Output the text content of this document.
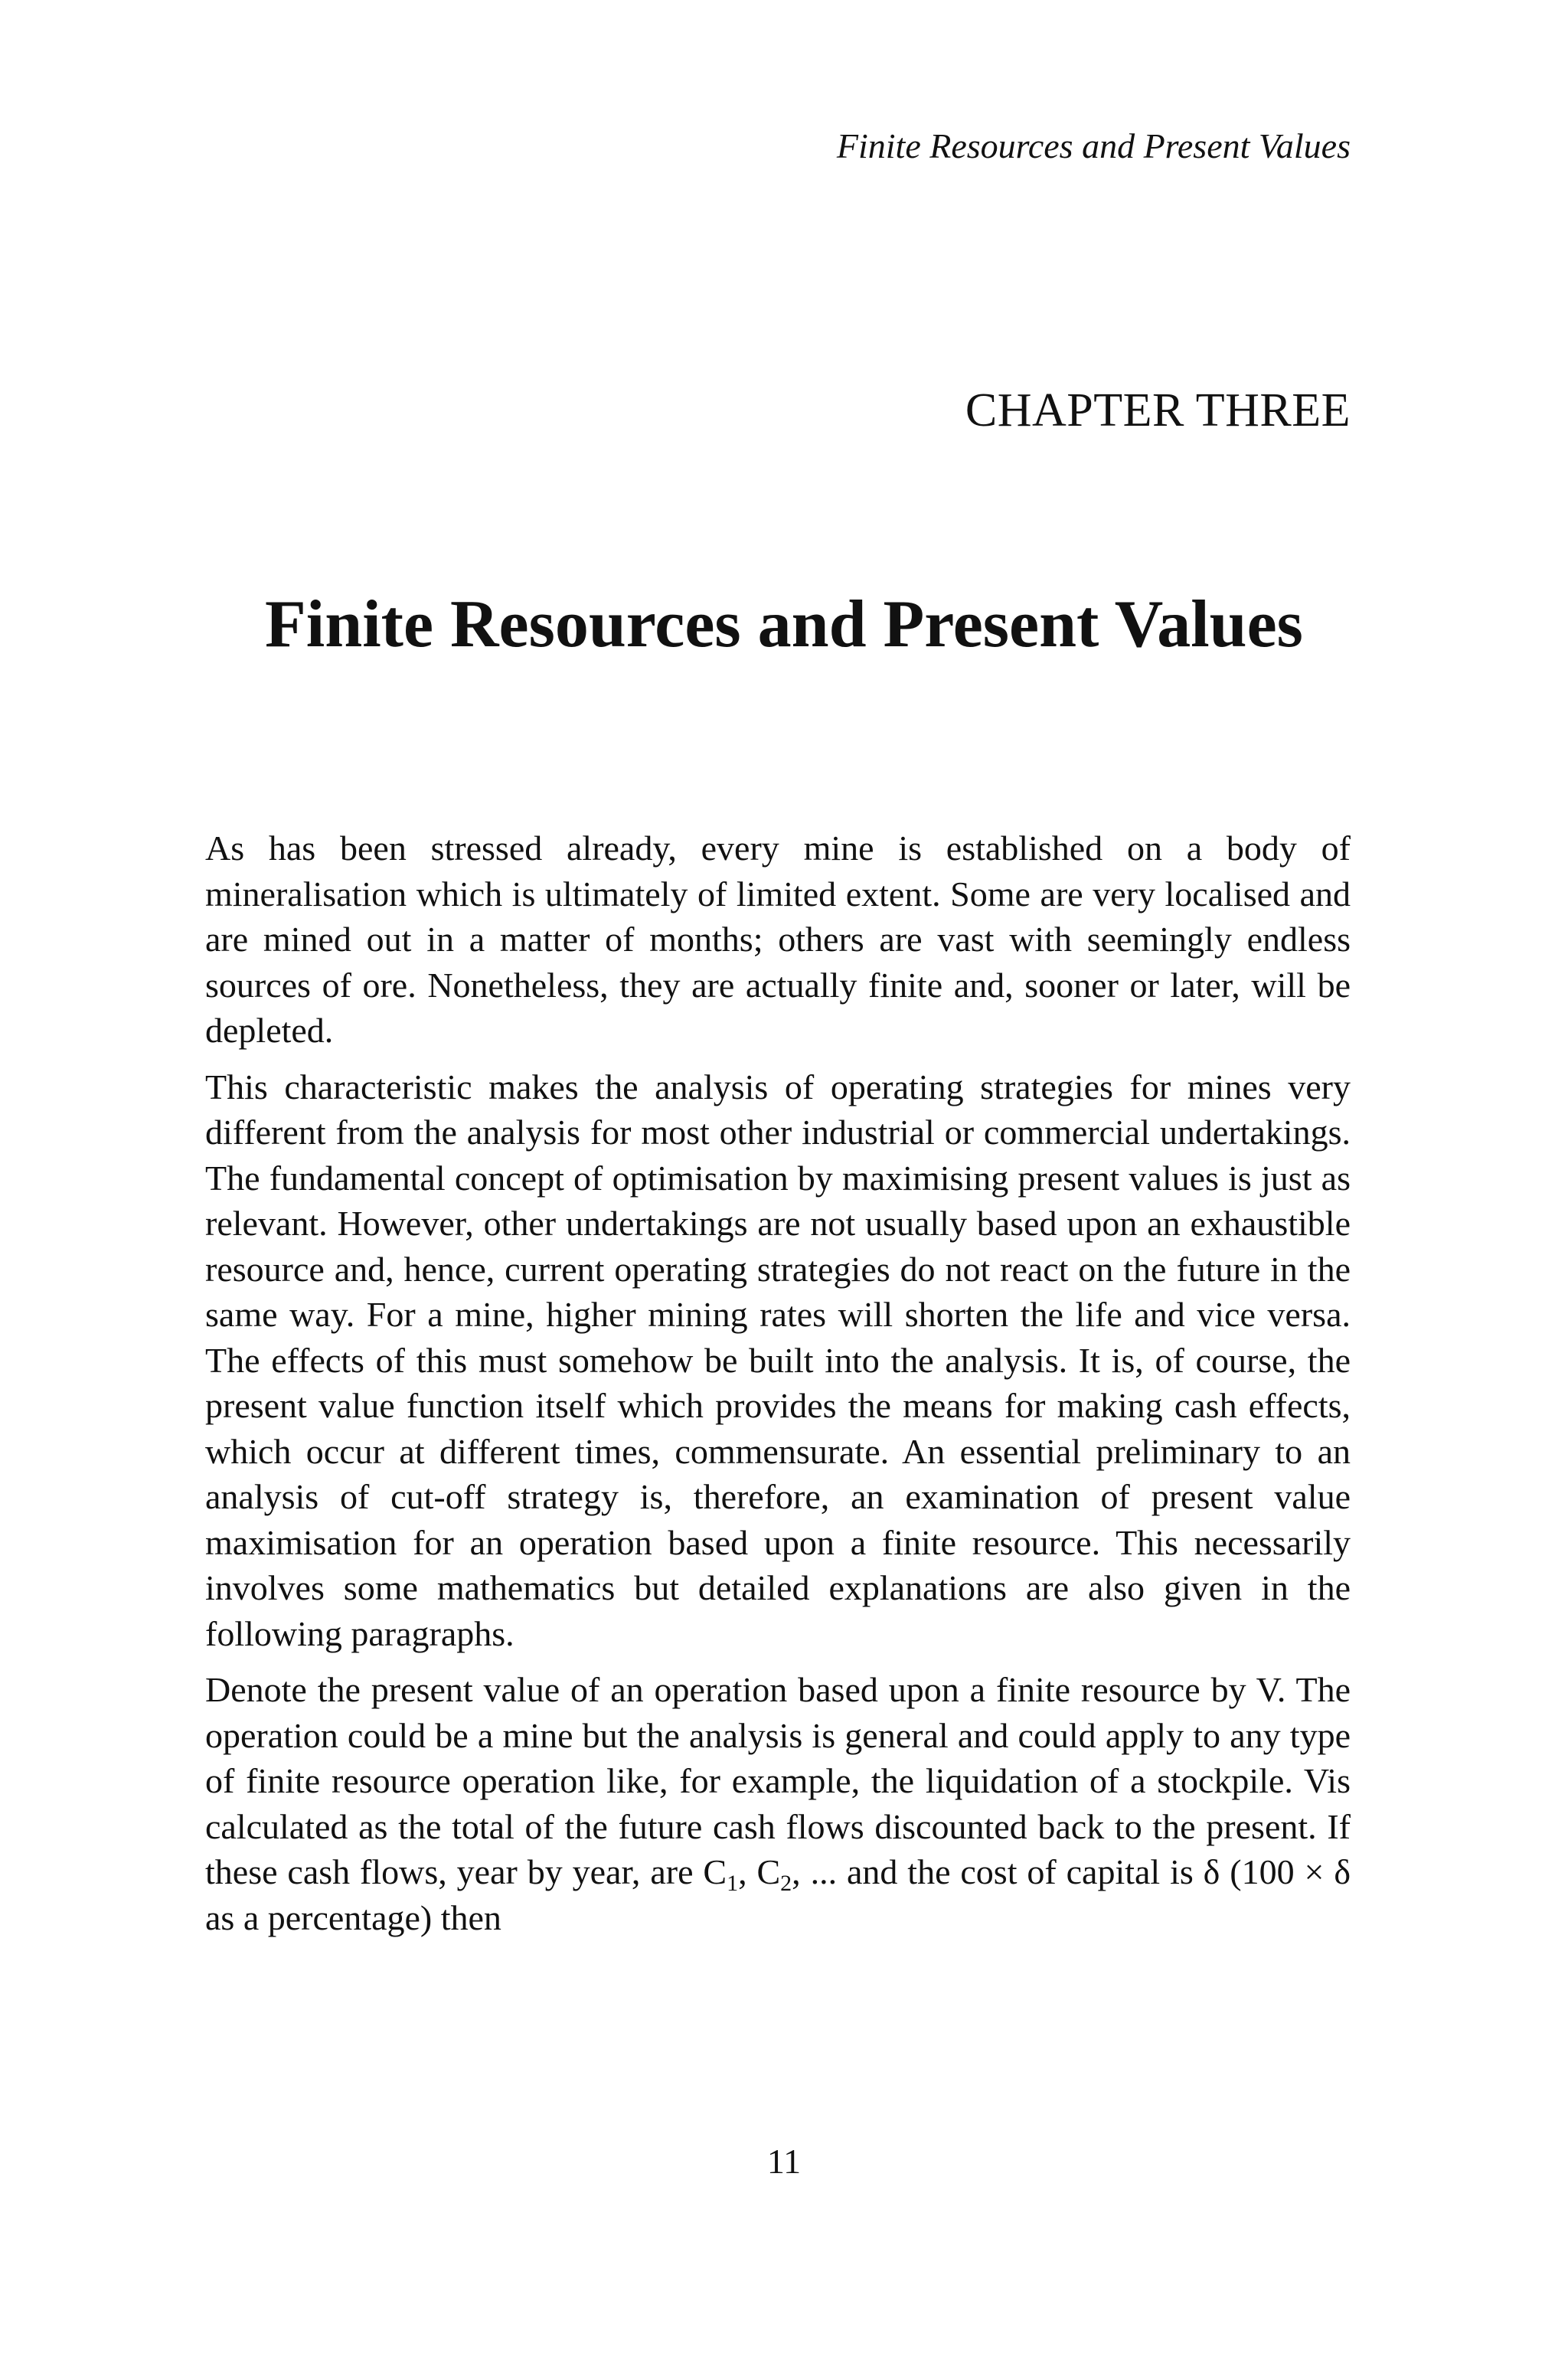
Finite Resources and Present Values
CHAPTER THREE
Finite Resources and Present Values

As has been stressed already, every mine is established on a body of mineralisation which is ultimately of limited extent. Some are very localised and are mined out in a matter of months; others are vast with seemingly endless sources of ore. Nonetheless, they are actually finite and, sooner or later, will be depleted.

This characteristic makes the analysis of operating strategies for mines very different from the analysis for most other industrial or commercial undertakings. The fundamental concept of optimisation by maximising present values is just as relevant. However, other undertakings are not usually based upon an exhaustible resource and, hence, current operating strategies do not react on the future in the same way. For a mine, higher mining rates will shorten the life and vice versa. The effects of this must somehow be built into the analysis. It is, of course, the present value function itself which provides the means for making cash effects, which occur at different times, commensurate. An essential preliminary to an analysis of cut-off strategy is, therefore, an examination of present value maximisation for an operation based upon a finite resource. This necessarily involves some mathematics but detailed explanations are also given in the following paragraphs.

Denote the present value of an operation based upon a finite resource by V. The operation could be a mine but the analysis is general and could apply to any type of finite resource operation like, for example, the liquidation of a stockpile. Vis calculated as the total of the future cash flows discounted back to the present. If these cash flows, year by year, are $C_1$, $C_2$, ... and the cost of capital is δ (100 × δ as a percentage) then

11
